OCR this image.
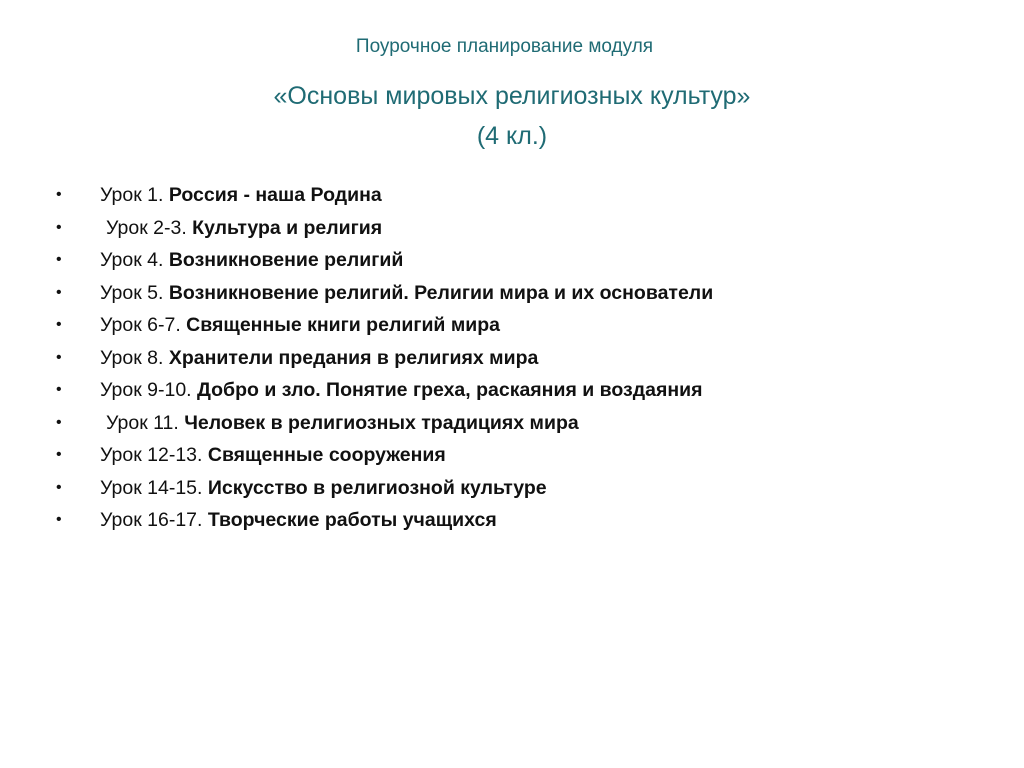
Поурочное планирование модуля
«Основы мировых религиозных культур»
(4 кл.)
•	Урок 1. Россия - наша Родина
•	Урок 2-3. Культура и религия
•	Урок 4. Возникновение религий
•	Урок 5. Возникновение религий. Религии мира и их основатели
•	Урок 6-7. Священные книги религий мира
•	Урок 8. Хранители предания в религиях мира
•	Урок 9-10. Добро и зло. Понятие греха, раскаяния и воздаяния
•	Урок 11. Человек в религиозных традициях мира
•	Урок 12-13. Священные сооружения
•	Урок 14-15. Искусство в религиозной культуре
•	Урок 16-17. Творческие работы учащихся
